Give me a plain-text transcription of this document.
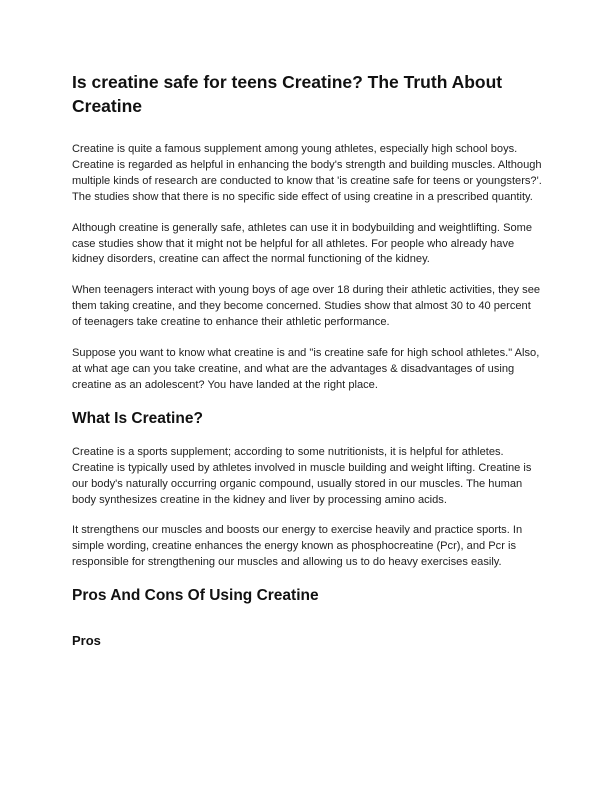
Is creatine safe for teens Creatine? The Truth About Creatine

Creatine is quite a famous supplement among young athletes, especially high school boys. Creatine is regarded as helpful in enhancing the body's strength and building muscles. Although multiple kinds of research are conducted to know that 'is creatine safe for teens or youngsters?'. The studies show that there is no specific side effect of using creatine in a prescribed quantity.

Although creatine is generally safe, athletes can use it in bodybuilding and weightlifting. Some case studies show that it might not be helpful for all athletes. For people who already have kidney disorders, creatine can affect the normal functioning of the kidney.

When teenagers interact with young boys of age over 18 during their athletic activities, they see them taking creatine, and they become concerned. Studies show that almost 30 to 40 percent of teenagers take creatine to enhance their athletic performance.

Suppose you want to know what creatine is and "is creatine safe for high school athletes." Also, at what age can you take creatine, and what are the advantages & disadvantages of using creatine as an adolescent? You have landed at the right place.

What Is Creatine?

Creatine is a sports supplement; according to some nutritionists, it is helpful for athletes. Creatine is typically used by athletes involved in muscle building and weight lifting. Creatine is our body's naturally occurring organic compound, usually stored in our muscles. The human body synthesizes creatine in the kidney and liver by processing amino acids.

It strengthens our muscles and boosts our energy to exercise heavily and practice sports. In simple wording, creatine enhances the energy known as phosphocreatine (Pcr), and Pcr is responsible for strengthening our muscles and allowing us to do heavy exercises easily.

Pros And Cons Of Using Creatine
Pros
